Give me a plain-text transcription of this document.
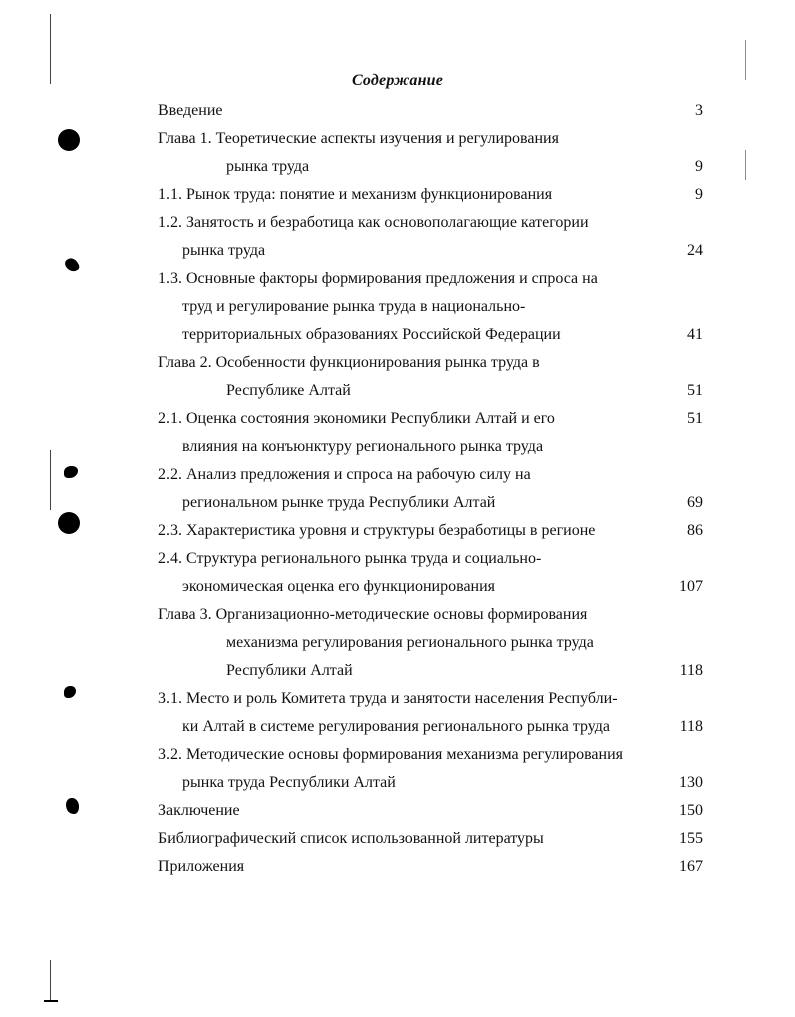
Содержание
Введение	3
Глава 1. Теоретические аспекты изучения и регулирования
рынка труда	9
1.1. Рынок труда: понятие и механизм функционирования	9
1.2. Занятость и безработица как основополагающие категории
рынка труда	24
1.3. Основные факторы формирования предложения и спроса на
труд и регулирование рынка труда в национально-
территориальных образованиях Российской Федерации	41
Глава 2. Особенности функционирования рынка труда в
Республике Алтай	51
2.1. Оценка состояния экономики Республики Алтай и его	51
влияния на конъюнктуру регионального рынка труда
2.2. Анализ предложения и спроса на рабочую силу на
региональном рынке труда Республики Алтай	69
2.3. Характеристика уровня и структуры безработицы в регионе	86
2.4. Структура регионального рынка труда и социально-
экономическая оценка его функционирования	107
Глава 3. Организационно-методические основы формирования
механизма регулирования регионального рынка труда
Республики Алтай	118
3.1. Место и роль Комитета труда и занятости населения Республи-
ки Алтай в системе регулирования регионального рынка труда	118
3.2. Методические основы формирования механизма регулирования
рынка труда Республики Алтай	130
Заключение	150
Библиографический список использованной литературы	155
Приложения	167
